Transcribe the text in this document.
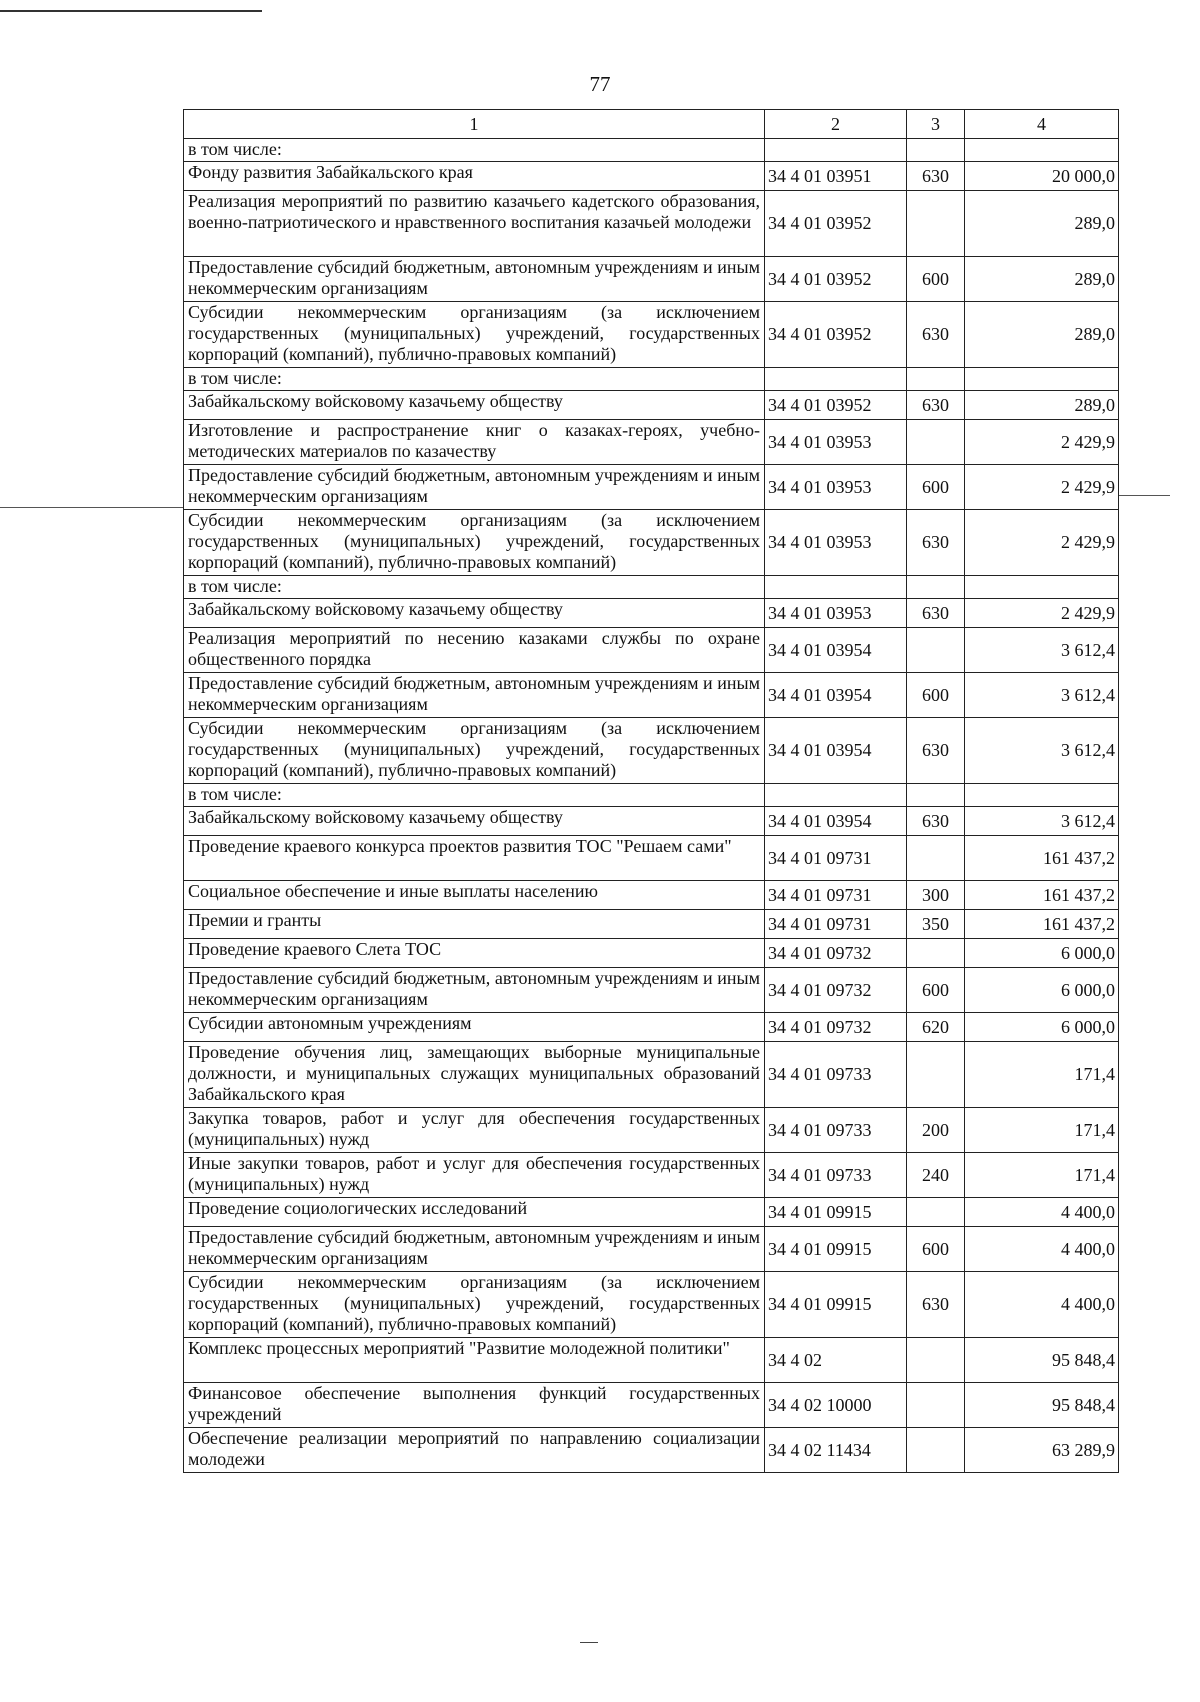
77
1	2	3	4
в том числе:			
Фонду развития Забайкальского края	34 4 01 03951	630	20 000,0
Реализация мероприятий по развитию казачьего кадетского образования, военно-патриотического и нравственного воспитания казачьей молодежи	34 4 01 03952		289,0
Предоставление субсидий бюджетным, автономным учреждениям и иным некоммерческим организациям	34 4 01 03952	600	289,0
Субсидии некоммерческим организациям (за исключением государственных (муниципальных) учреждений, государственных корпораций (компаний), публично-правовых компаний)	34 4 01 03952	630	289,0
в том числе:			
Забайкальскому войсковому казачьему обществу	34 4 01 03952	630	289,0
Изготовление и распространение книг о казаках-героях, учебно-методических материалов по казачеству	34 4 01 03953		2 429,9
Предоставление субсидий бюджетным, автономным учреждениям и иным некоммерческим организациям	34 4 01 03953	600	2 429,9
Субсидии некоммерческим организациям (за исключением государственных (муниципальных) учреждений, государственных корпораций (компаний), публично-правовых компаний)	34 4 01 03953	630	2 429,9
в том числе:			
Забайкальскому войсковому казачьему обществу	34 4 01 03953	630	2 429,9
Реализация мероприятий по несению казаками службы по охране общественного порядка	34 4 01 03954		3 612,4
Предоставление субсидий бюджетным, автономным учреждениям и иным некоммерческим организациям	34 4 01 03954	600	3 612,4
Субсидии некоммерческим организациям (за исключением государственных (муниципальных) учреждений, государственных корпораций (компаний), публично-правовых компаний)	34 4 01 03954	630	3 612,4
в том числе:			
Забайкальскому войсковому казачьему обществу	34 4 01 03954	630	3 612,4
Проведение краевого конкурса проектов развития ТОС "Решаем сами"	34 4 01 09731		161 437,2
Социальное обеспечение и иные выплаты населению	34 4 01 09731	300	161 437,2
Премии и гранты	34 4 01 09731	350	161 437,2
Проведение краевого Слета ТОС	34 4 01 09732		6 000,0
Предоставление субсидий бюджетным, автономным учреждениям и иным некоммерческим организациям	34 4 01 09732	600	6 000,0
Субсидии автономным учреждениям	34 4 01 09732	620	6 000,0
Проведение обучения лиц, замещающих выборные муниципальные должности, и муниципальных служащих муниципальных образований Забайкальского края	34 4 01 09733		171,4
Закупка товаров, работ и услуг для обеспечения государственных (муниципальных) нужд	34 4 01 09733	200	171,4
Иные закупки товаров, работ и услуг для обеспечения государственных (муниципальных) нужд	34 4 01 09733	240	171,4
Проведение социологических исследований	34 4 01 09915		4 400,0
Предоставление субсидий бюджетным, автономным учреждениям и иным некоммерческим организациям	34 4 01 09915	600	4 400,0
Субсидии некоммерческим организациям (за исключением государственных (муниципальных) учреждений, государственных корпораций (компаний), публично-правовых компаний)	34 4 01 09915	630	4 400,0
Комплекс процессных мероприятий "Развитие молодежной политики"	34 4 02		95 848,4
Финансовое обеспечение выполнения функций государственных учреждений	34 4 02 10000		95 848,4
Обеспечение реализации мероприятий по направлению социализации молодежи	34 4 02 11434		63 289,9
